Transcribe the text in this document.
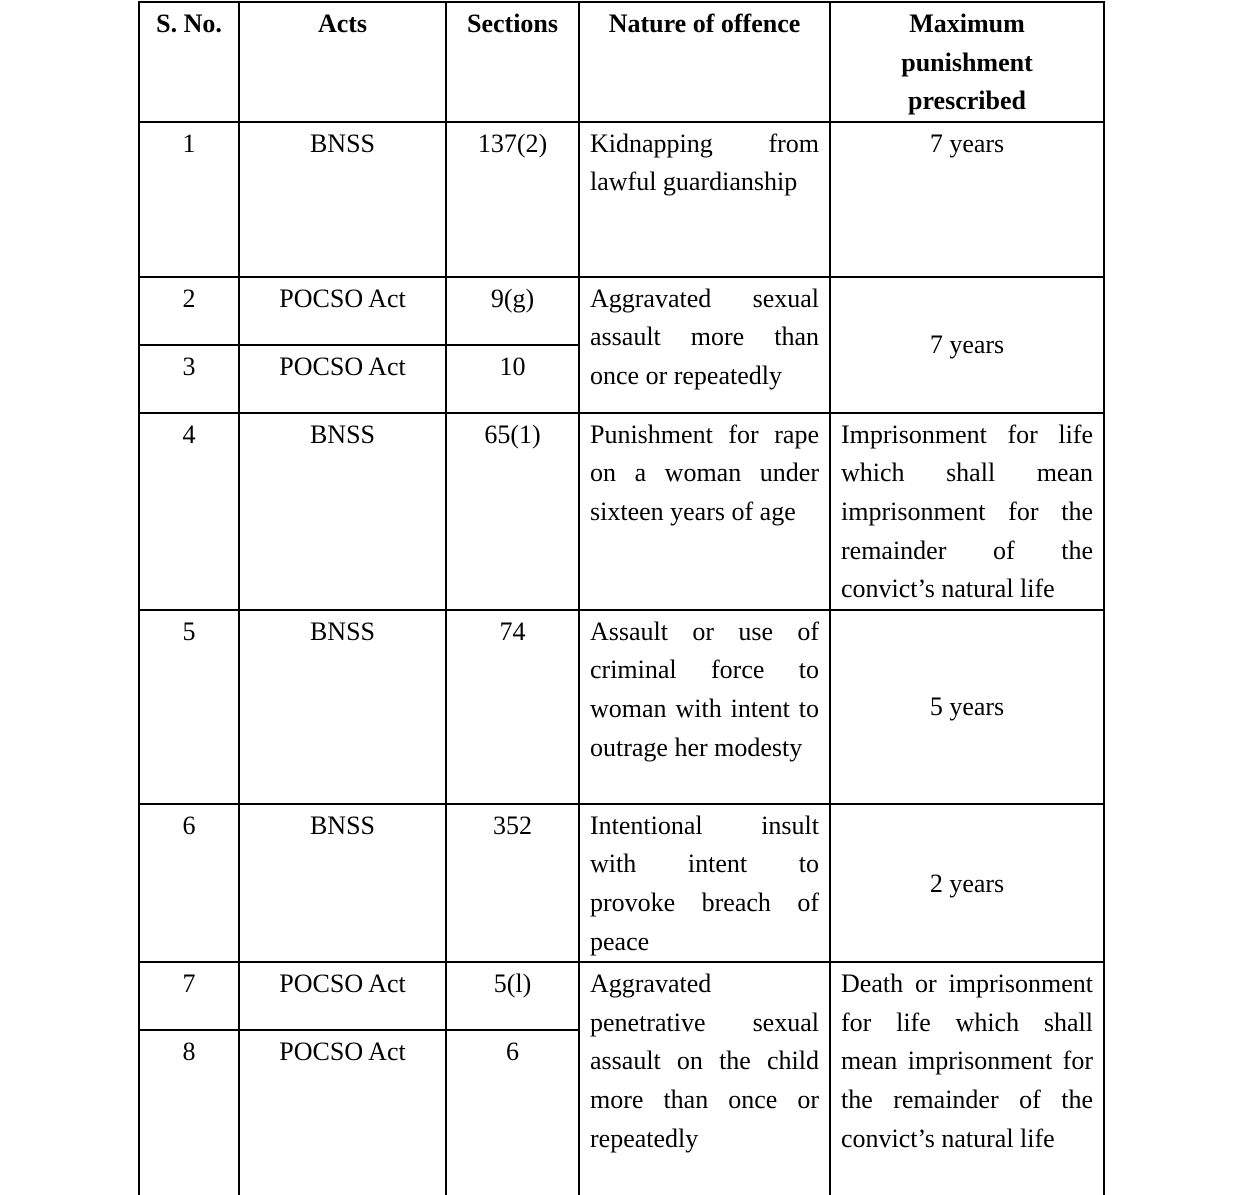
S. No.	Acts	Sections	Nature of offence	Maximum punishment prescribed
1	BNSS	137(2)	Kidnapping from lawful guardianship	7 years
2	POCSO Act	9(g)	Aggravated sexual assault more than once or repeatedly	7 years
3	POCSO Act	10		
4	BNSS	65(1)	Punishment for rape on a woman under sixteen years of age	Imprisonment for life which shall mean imprisonment for the remainder of the convict’s natural life
5	BNSS	74	Assault or use of criminal force to woman with intent to outrage her modesty	5 years
6	BNSS	352	Intentional insult with intent to provoke breach of peace	2 years
7	POCSO Act	5(l)	Aggravated penetrative sexual assault on the child more than once or repeatedly	Death or imprisonment for life which shall mean imprisonment for the remainder of the convict’s natural life
8	POCSO Act	6		
